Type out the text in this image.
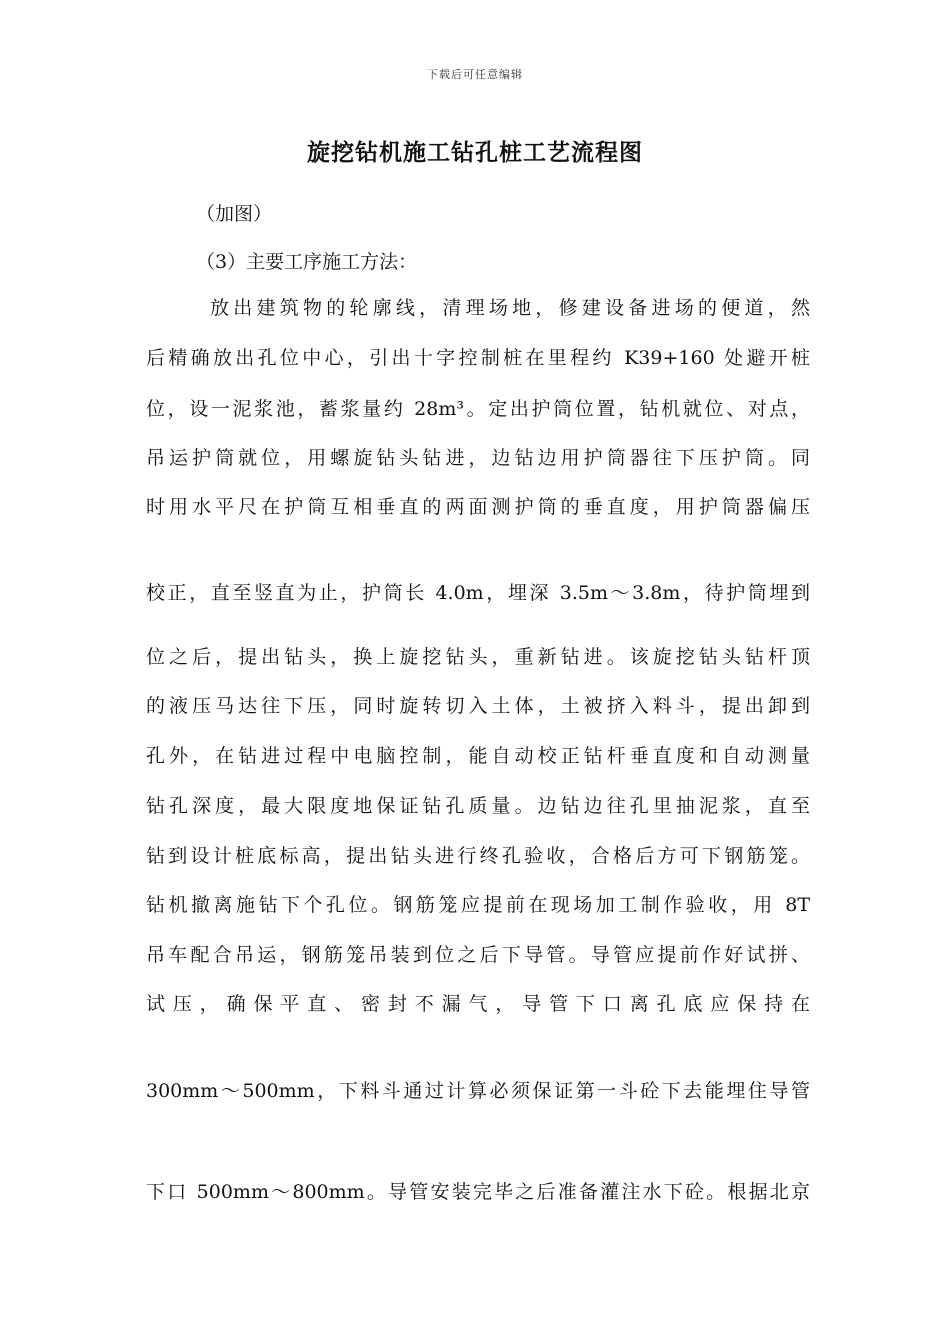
下载后可任意编辑
旋挖钻机施工钻孔桩工艺流程图
（加图）
（3）主要工序施工方法：
放出建筑物的轮廓线，清理场地，修建设备进场的便道，然
后精确放出孔位中心，引出十字控制桩在里程约 K39+160 处避开桩
位，设一泥浆池，蓄浆量约 28m³。定出护筒位置，钻机就位、对点，
吊运护筒就位，用螺旋钻头钻进，边钻边用护筒器往下压护筒。同
时用水平尺在护筒互相垂直的两面测护筒的垂直度，用护筒器偏压
校正，直至竖直为止，护筒长 4.0m，埋深 3.5m～3.8m，待护筒埋到
位之后，提出钻头，换上旋挖钻头，重新钻进。该旋挖钻头钻杆顶
的液压马达往下压，同时旋转切入土体，土被挤入料斗，提出卸到
孔外，在钻进过程中电脑控制，能自动校正钻杆垂直度和自动测量
钻孔深度，最大限度地保证钻孔质量。边钻边往孔里抽泥浆，直至
钻到设计桩底标高，提出钻头进行终孔验收，合格后方可下钢筋笼。
钻机撤离施钻下个孔位。钢筋笼应提前在现场加工制作验收，用 8T
吊车配合吊运，钢筋笼吊装到位之后下导管。导管应提前作好试拼、
试压，确保平直、密封不漏气，导管下口离孔底应保持在
300mm～500mm，下料斗通过计算必须保证第一斗砼下去能埋住导管
下口 500mm～800mm。导管安装完毕之后准备灌注水下砼。根据北京
